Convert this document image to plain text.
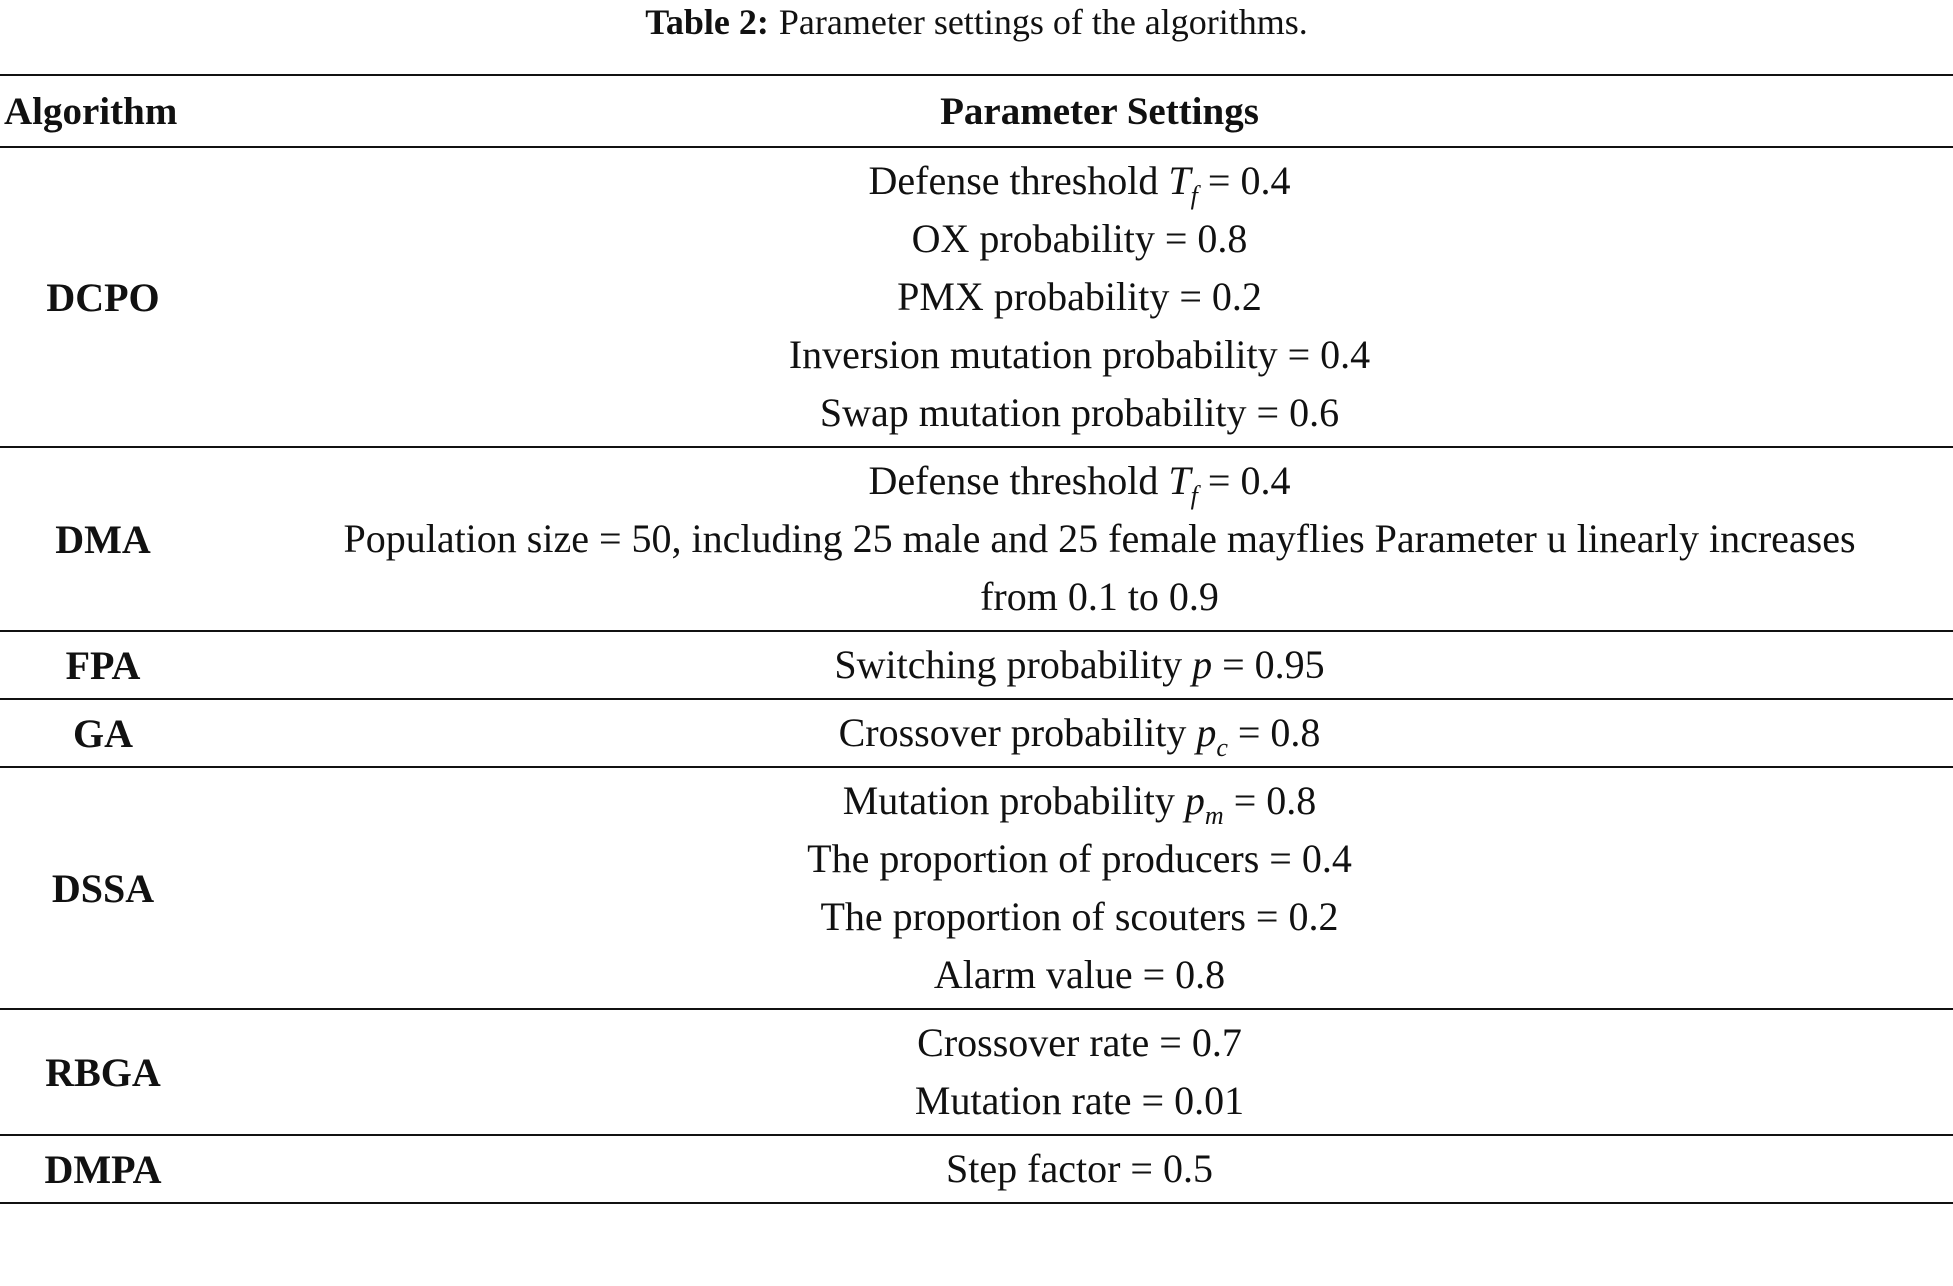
Table 2: Parameter settings of the algorithms.
Algorithm	Parameter Settings
DCPO	Defense threshold $T_f = 0.4$
OX probability = 0.8
PMX probability = 0.2
Inversion mutation probability = 0.4
Swap mutation probability = 0.6

DMA	Defense threshold $T_f = 0.4$
Population size = 50, including 25 male and 25 female mayflies Parameter u linearly increases from 0.1 to 0.9

FPA	Switching probability p = 0.95

GA	Crossover probability $p_c = 0.8$

DSSA	Mutation probability $p_m = 0.8$
The proportion of producers = 0.4
The proportion of scouters = 0.2
Alarm value = 0.8

RBGA	Crossover rate = 0.7
Mutation rate = 0.01

DMPA	Step factor = 0.5
